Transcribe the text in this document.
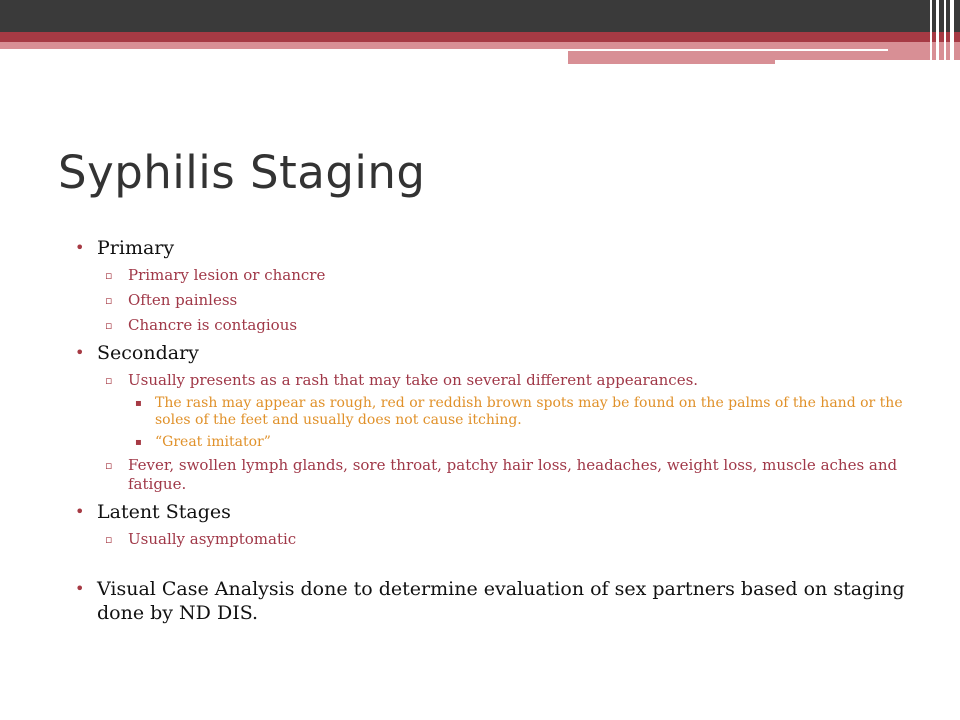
Syphilis Staging
• Primary
▫ Primary lesion or chancre
▫ Often painless
▫ Chancre is contagious
• Secondary
▫ Usually presents as a rash that may take on several different appearances.
▪ The rash may appear as rough, red or reddish brown spots may be found on the palms of the hand or the soles of the feet and usually does not cause itching.
▪ “Great imitator”
▫ Fever, swollen lymph glands, sore throat, patchy hair loss, headaches, weight loss, muscle aches and fatigue.
• Latent Stages
▫ Usually asymptomatic
• Visual Case Analysis done to determine evaluation of sex partners based on staging done by ND DIS.
